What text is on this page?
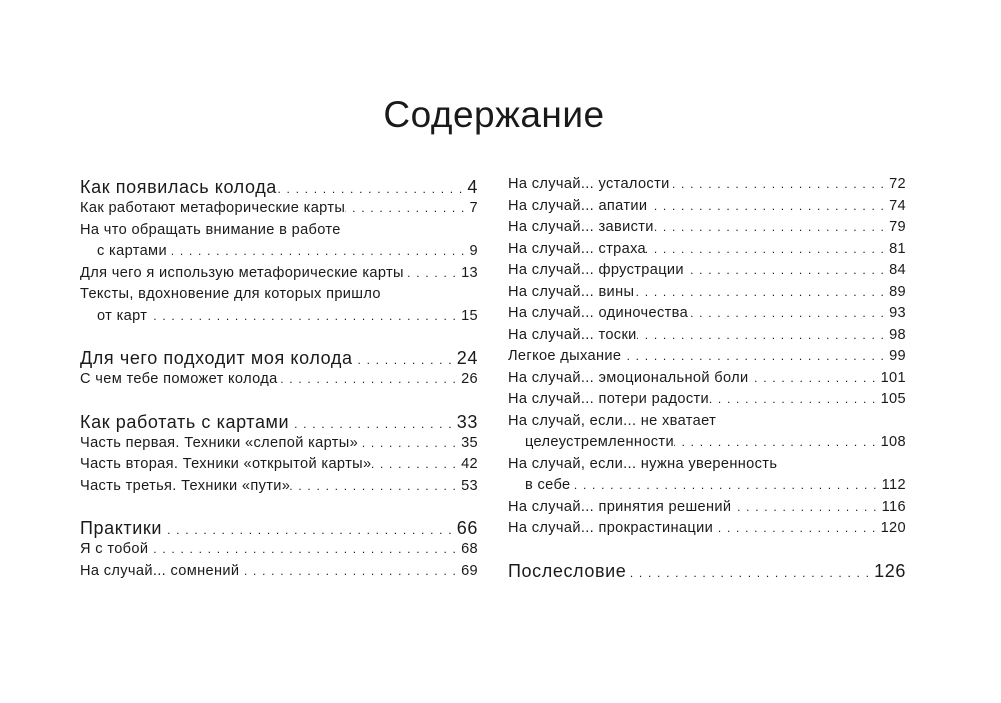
Содержание
Как появилась колода . . .	4
Как работают метафорические карты . . .	7
На что обращать внимание в работе
с картами . . .	9
Для чего я использую метафорические карты . . .	13
Тексты, вдохновение для которых пришло
от карт . . .	15
Для чего подходит моя колода . . .	24
С чем тебе поможет колода . . .	26
Как работать с картами . . .	33
Часть первая. Техники «слепой карты» . . .	35
Часть вторая. Техники «открытой карты» . . .	42
Часть третья. Техники «пути» . . .	53
Практики . . .	66
Я с тобой . . .	68
На случай... сомнений . . .	69
На случай... усталости . . .	72
На случай... апатии . . .	74
На случай... зависти . . .	79
На случай... страха . . .	81
На случай... фрустрации . . .	84
На случай... вины . . .	89
На случай... одиночества . . .	93
На случай... тоски . . .	98
Легкое дыхание . . .	99
На случай... эмоциональной боли . . .	101
На случай... потери радости . . .	105
На случай, если... не хватает
целеустремленности . . .	108
На случай, если... нужна уверенность
в себе . . .	112
На случай... принятия решений . . .	116
На случай... прокрастинации . . .	120
Послесловие . . .	126
